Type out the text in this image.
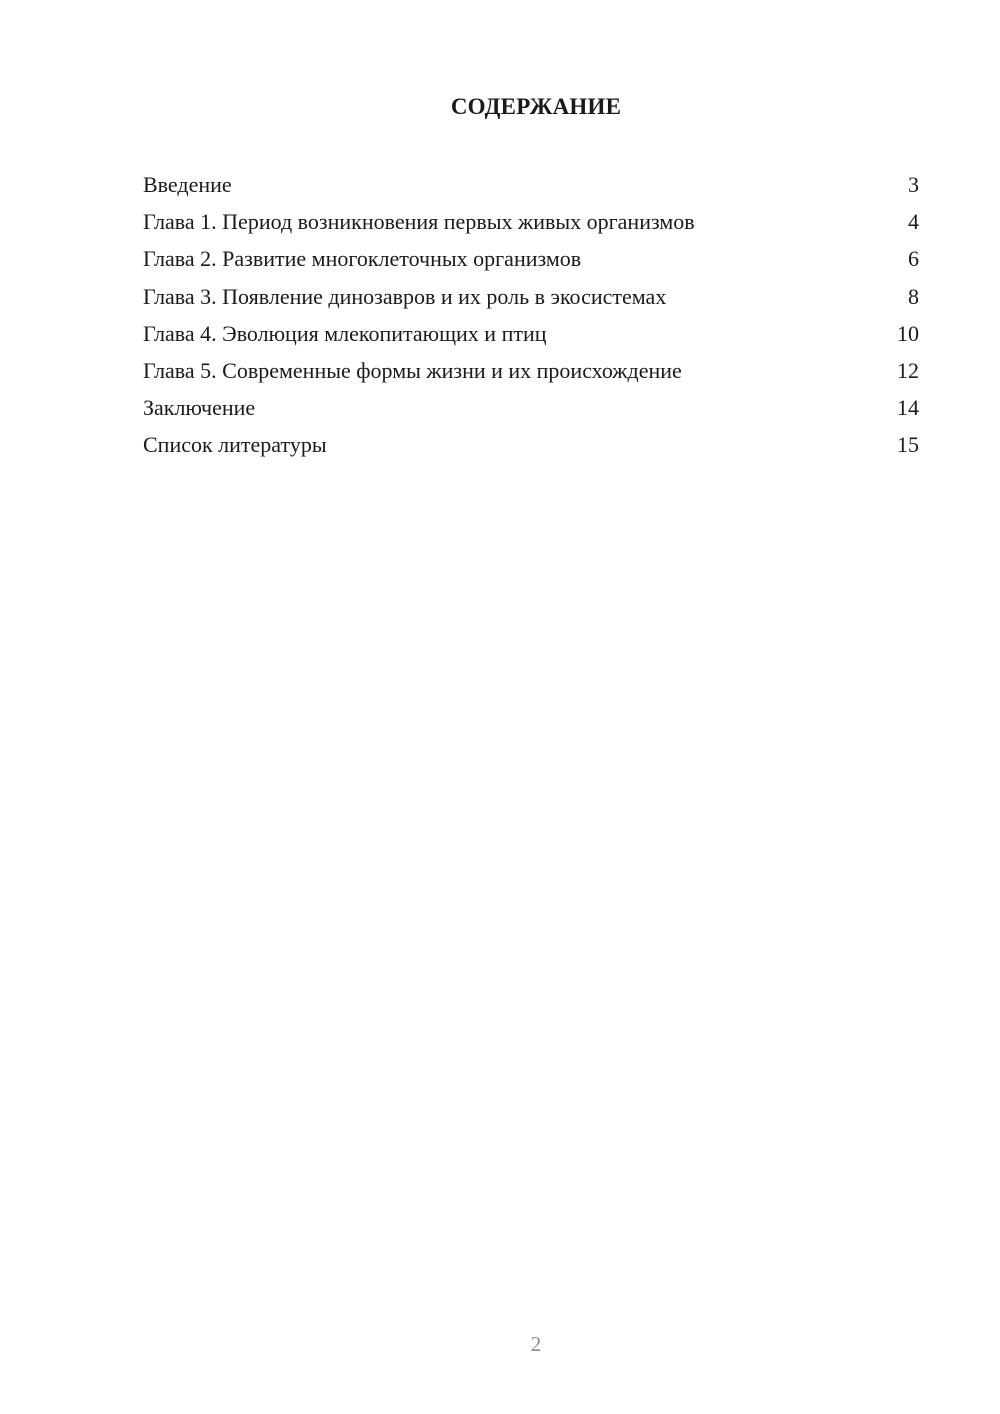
СОДЕРЖАНИЕ
Введение	3
Глава 1. Период возникновения первых живых организмов	4
Глава 2. Развитие многоклеточных организмов	6
Глава 3. Появление динозавров и их роль в экосистемах	8
Глава 4. Эволюция млекопитающих и птиц	10
Глава 5. Современные формы жизни и их происхождение	12
Заключение	14
Список литературы	15
2
